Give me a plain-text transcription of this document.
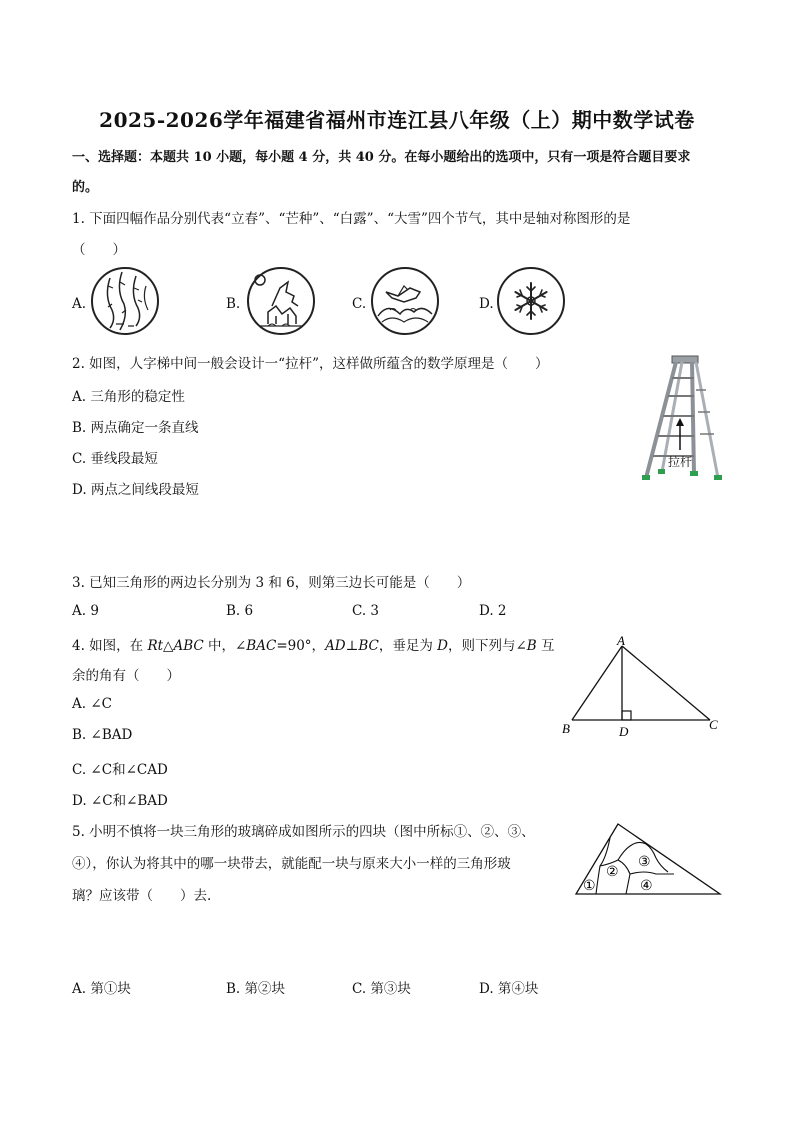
2025-2026学年福建省福州市连江县八年级（上）期中数学试卷
一、选择题：本题共 10 小题，每小题 4 分，共 40 分。在每小题给出的选项中，只有一项是符合题目要求
的。
1. 下面四幅作品分别代表“立春”、“芒种”、“白露”、“大雪”四个节气，其中是轴对称图形的是
（　　）
A.	B.	C.	D.
2. 如图，人字梯中间一般会设计一“拉杆”，这样做所蕴含的数学原理是（　　）
A. 三角形的稳定性
B. 两点确定一条直线
C. 垂线段最短
D. 两点之间线段最短
拉杆
3. 已知三角形的两边长分别为 3 和 6，则第三边长可能是（　　）
A. 9	B. 6	C. 3	D. 2
4. 如图，在 Rt△ABC 中，∠BAC=90°，AD⊥BC，垂足为 D，则下列与∠B 互
余的角有（　　）
A. ∠C
B. ∠BAD
C. ∠C和∠CAD
D. ∠C和∠BAD
A
B	C
D
5. 小明不慎将一块三角形的玻璃碎成如图所示的四块（图中所标①、②、③、
④），你认为将其中的哪一块带去，就能配一块与原来大小一样的三角形玻
璃？应该带（　　）去.
①
②
③
④
A. 第①块	B. 第②块	C. 第③块	D. 第④块
